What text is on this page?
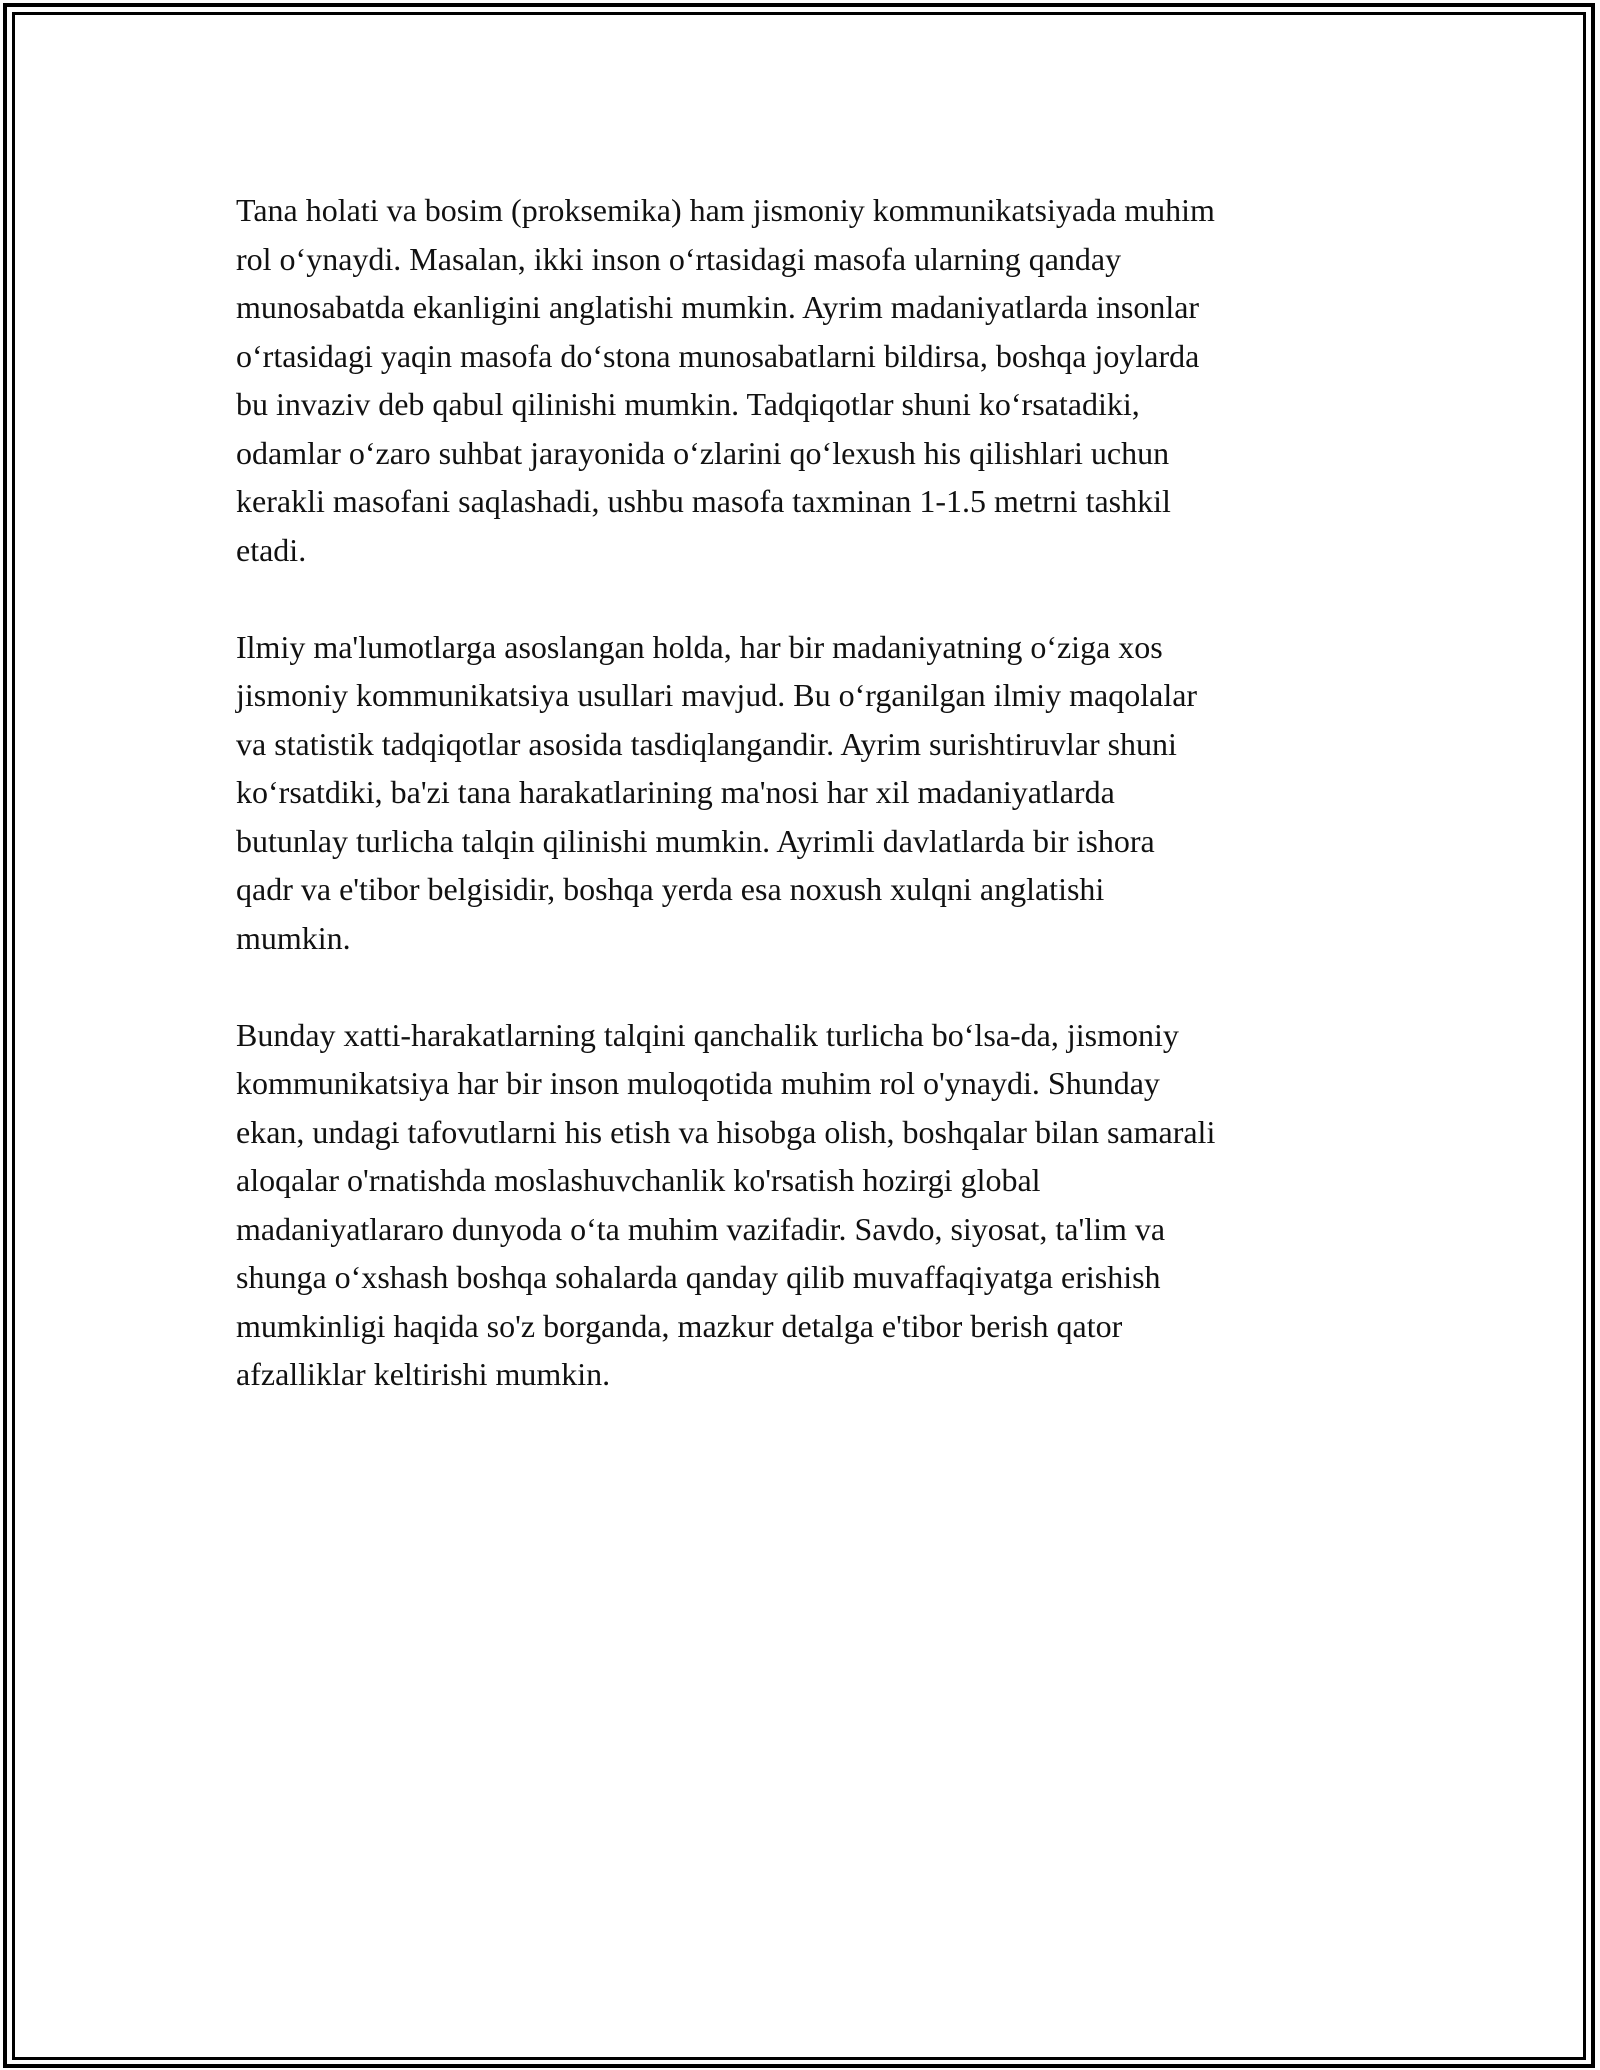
Tana holati va bosim (proksemika) ham jismoniy kommunikatsiyada muhim
rol o‘ynaydi. Masalan, ikki inson o‘rtasidagi masofa ularning qanday
munosabatda ekanligini anglatishi mumkin. Ayrim madaniyatlarda insonlar
o‘rtasidagi yaqin masofa do‘stona munosabatlarni bildirsa, boshqa joylarda
bu invaziv deb qabul qilinishi mumkin. Tadqiqotlar shuni ko‘rsatadiki,
odamlar o‘zaro suhbat jarayonida o‘zlarini qo‘lexush his qilishlari uchun
kerakli masofani saqlashadi, ushbu masofa taxminan 1-1.5 metrni tashkil
etadi.

Ilmiy ma'lumotlarga asoslangan holda, har bir madaniyatning o‘ziga xos
jismoniy kommunikatsiya usullari mavjud. Bu o‘rganilgan ilmiy maqolalar
va statistik tadqiqotlar asosida tasdiqlangandir. Ayrim surishtiruvlar shuni
ko‘rsatdiki, ba'zi tana harakatlarining ma'nosi har xil madaniyatlarda
butunlay turlicha talqin qilinishi mumkin. Ayrimli davlatlarda bir ishora
qadr va e'tibor belgisidir, boshqa yerda esa noxush xulqni anglatishi
mumkin.

Bunday xatti-harakatlarning talqini qanchalik turlicha bo‘lsa-da, jismoniy
kommunikatsiya har bir inson muloqotida muhim rol o'ynaydi. Shunday
ekan, undagi tafovutlarni his etish va hisobga olish, boshqalar bilan samarali
aloqalar o'rnatishda moslashuvchanlik ko'rsatish hozirgi global
madaniyatlararo dunyoda o‘ta muhim vazifadir. Savdo, siyosat, ta'lim va
shunga o‘xshash boshqa sohalarda qanday qilib muvaffaqiyatga erishish
mumkinligi haqida so'z borganda, mazkur detalga e'tibor berish qator
afzalliklar keltirishi mumkin.
